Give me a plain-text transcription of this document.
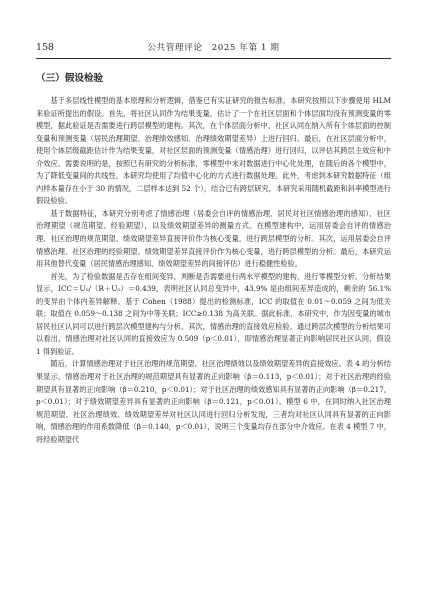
158	公共管理评论　2025 年第 1 期
（三）假设检验

基于多层线性模型的基本原理和分析逻辑，借鉴已有实证研究的报告标准，本研究按照以下步骤使用 HLM 来验证所提出的假设。首先，将社区认同作为结果变量，估计了一个在社区层面和个体层面均没有预测变量的零模型，据此验证是否需要进行跨层模型的建构。其次，在个体层面分析中，社区认同在纳入所有个体层面的控制变量和预测变量（居民治理期望、治理绩效感知、治理绩效期望差异）上进行回归。最后，在社区层面分析中，使用个体层级截距估计作为结果变量，对社区层面的预测变量（情感治理）进行回归，以评估其跨层主效应和中介效应。需要说明的是，按照已有研究的分析标准，零模型中未对数据进行中心化处理，在随后的各个模型中，为了降低变量间的共线性，本研究均使用了均值中心化的方式进行数据处理。此外，考虑到本研究数据特征（组内样本量存在小于 30 的情况，二层样本达到 52 个），结合已有跨层研究，本研究采用随机截距和斜率模型进行假设检验。

基于数据特征，本研究分别考虑了情感治理（居委会自评的情感治理、居民对社区情感治理的感知）、社区治理期望（规范期望、经验期望），以及绩效期望差异的测量方式。在模型建构中，运用居委会自评的情感治理、社区治理的规范期望、绩效期望差异直接评价作为核心变量，进行跨层模型的分析。其次，运用居委会自评情感治理、社区治理的经验期望、绩效期望差异直接评价作为核心变量，进行跨层模型的分析。最后，本研究运用其他替代变量（居民情感治理感知、绩效期望差异的间接评估）进行稳健性检验。

首先，为了检验数据是否存在组间变异，判断是否需要进行两水平模型的建构，进行零模型分析。分析结果显示，ICC＝U₀/（R＋U₀）＝0.439，表明社区认同总变异中，43.9% 是由组间差异造成的，剩余的 56.1% 的变异由个体内差异解释。基于 Cohen（1988）提出的检测标准，ICC 的取值在 0.01～0.059 之间为低关联；取值在 0.059～0.138 之间为中等关联；ICC≥0.138 为高关联。据此标准，本研究中，作为因变量的城市居民社区认同可以进行跨层次模型建构与分析。其次，情感治理的直接效应检验。通过跨层次模型的分析结果可以看出，情感治理对社区认同的直接效应为 0.509（p＜0.01），即情感治理显著正向影响居民社区认同，假设 1 得到验证。

随后，计算情感治理对于社区治理的规范期望、社区治理绩效以及绩效期望差异的直接效应。表 4 的分析结果显示，情感治理对于社区治理的规范期望具有显著的正向影响（β＝0.113，p＜0.01）；对于社区治理的经验期望具有显著的正向影响（β＝0.210，p＜0.01）；对于社区治理的绩效感知具有显著的正向影响（β＝0.217，p＜0.01）；对于绩效期望差异具有显著的正向影响（β＝0.121，p＜0.01）。模型 6 中，在同时纳入社区治理规范期望、社区治理绩效、绩效期望差异对社区认同进行回归分析发现，三者均对社区认同具有显著的正向影响，情感治理的作用系数降低（β＝0.140，p＜0.01），说明三个变量均存在部分中介效应。在表 4 模型 7 中，将经验期望代
